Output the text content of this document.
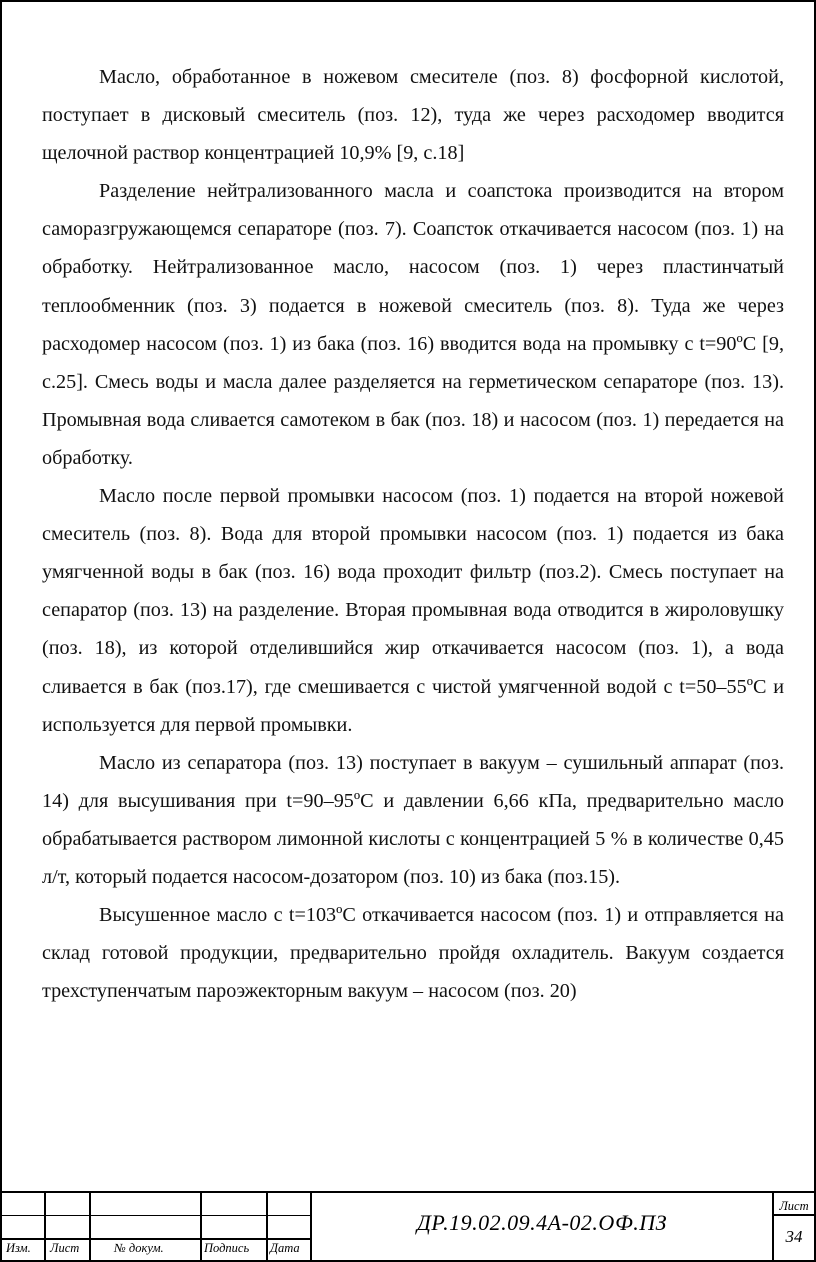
Масло, обработанное в ножевом смесителе (поз. 8) фосфорной кислотой, поступает в дисковый смеситель (поз. 12), туда же через расходомер вводится щелочной раствор концентрацией 10,9% [9, с.18]

Разделение нейтрализованного масла и соапстока производится на втором саморазгружающемся сепараторе (поз. 7). Соапсток откачивается насосом (поз. 1) на обработку. Нейтрализованное масло, насосом (поз. 1) через пластинчатый теплообменник (поз. 3) подается в ножевой смеситель (поз. 8). Туда же через расходомер насосом (поз. 1) из бака (поз. 16) вводится вода на промывку с t=90ºС [9, с.25]. Смесь воды и масла далее разделяется на герметическом сепараторе (поз. 13). Промывная вода сливается самотеком в бак (поз. 18) и насосом (поз. 1) передается на обработку.

Масло после первой промывки насосом (поз. 1) подается на второй ножевой смеситель (поз. 8). Вода для второй промывки насосом (поз. 1) подается из бака умягченной воды в бак (поз. 16) вода проходит фильтр (поз.2). Смесь поступает на сепаратор (поз. 13) на разделение. Вторая промывная вода отводится в жироловушку (поз. 18), из которой отделившийся жир откачивается насосом (поз. 1), а вода сливается в бак (поз.17), где смешивается с чистой умягченной водой с t=50–55ºС и используется для первой промывки.

Масло из сепаратора (поз. 13) поступает в вакуум – сушильный аппарат (поз. 14) для высушивания при t=90–95ºС и давлении 6,66 кПа, предварительно масло обрабатывается раствором лимонной кислоты с концентрацией 5 % в количестве 0,45 л/т, который подается насосом-дозатором (поз. 10) из бака (поз.15).

Высушенное масло с t=103ºС откачивается насосом (поз. 1) и отправляется на склад готовой продукции, предварительно пройдя охладитель. Вакуум создается трехступенчатым пароэжекторным вакуум – насосом (поз. 20)

Изм. Лист	№ докум.	Подпись Дата
ДР.19.02.09.4А-02.ОФ.ПЗ
Лист
34
